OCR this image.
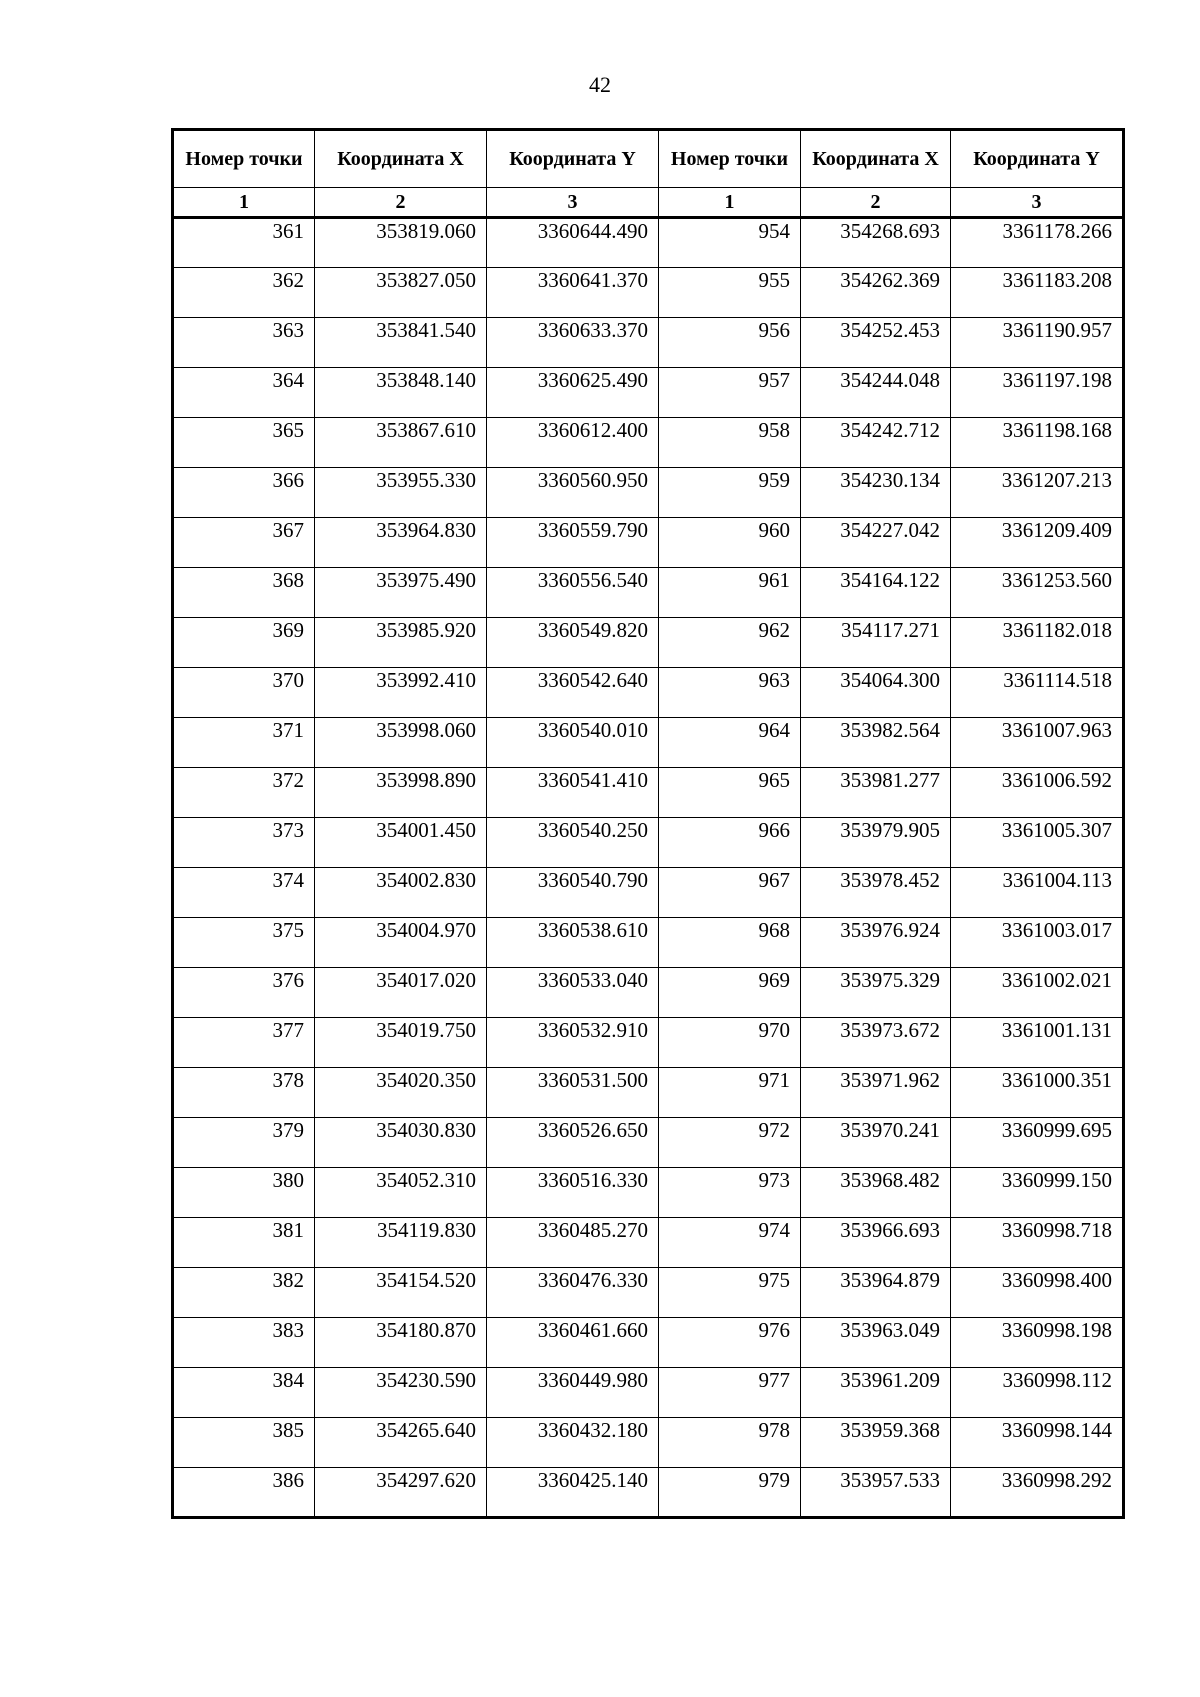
42
Номер точки	Координата X	Координата Y	Номер точки	Координата X	Координата Y
1	2	3	1	2	3
361	353819.060	3360644.490	954	354268.693	3361178.266
362	353827.050	3360641.370	955	354262.369	3361183.208
363	353841.540	3360633.370	956	354252.453	3361190.957
364	353848.140	3360625.490	957	354244.048	3361197.198
365	353867.610	3360612.400	958	354242.712	3361198.168
366	353955.330	3360560.950	959	354230.134	3361207.213
367	353964.830	3360559.790	960	354227.042	3361209.409
368	353975.490	3360556.540	961	354164.122	3361253.560
369	353985.920	3360549.820	962	354117.271	3361182.018
370	353992.410	3360542.640	963	354064.300	3361114.518
371	353998.060	3360540.010	964	353982.564	3361007.963
372	353998.890	3360541.410	965	353981.277	3361006.592
373	354001.450	3360540.250	966	353979.905	3361005.307
374	354002.830	3360540.790	967	353978.452	3361004.113
375	354004.970	3360538.610	968	353976.924	3361003.017
376	354017.020	3360533.040	969	353975.329	3361002.021
377	354019.750	3360532.910	970	353973.672	3361001.131
378	354020.350	3360531.500	971	353971.962	3361000.351
379	354030.830	3360526.650	972	353970.241	3360999.695
380	354052.310	3360516.330	973	353968.482	3360999.150
381	354119.830	3360485.270	974	353966.693	3360998.718
382	354154.520	3360476.330	975	353964.879	3360998.400
383	354180.870	3360461.660	976	353963.049	3360998.198
384	354230.590	3360449.980	977	353961.209	3360998.112
385	354265.640	3360432.180	978	353959.368	3360998.144
386	354297.620	3360425.140	979	353957.533	3360998.292
